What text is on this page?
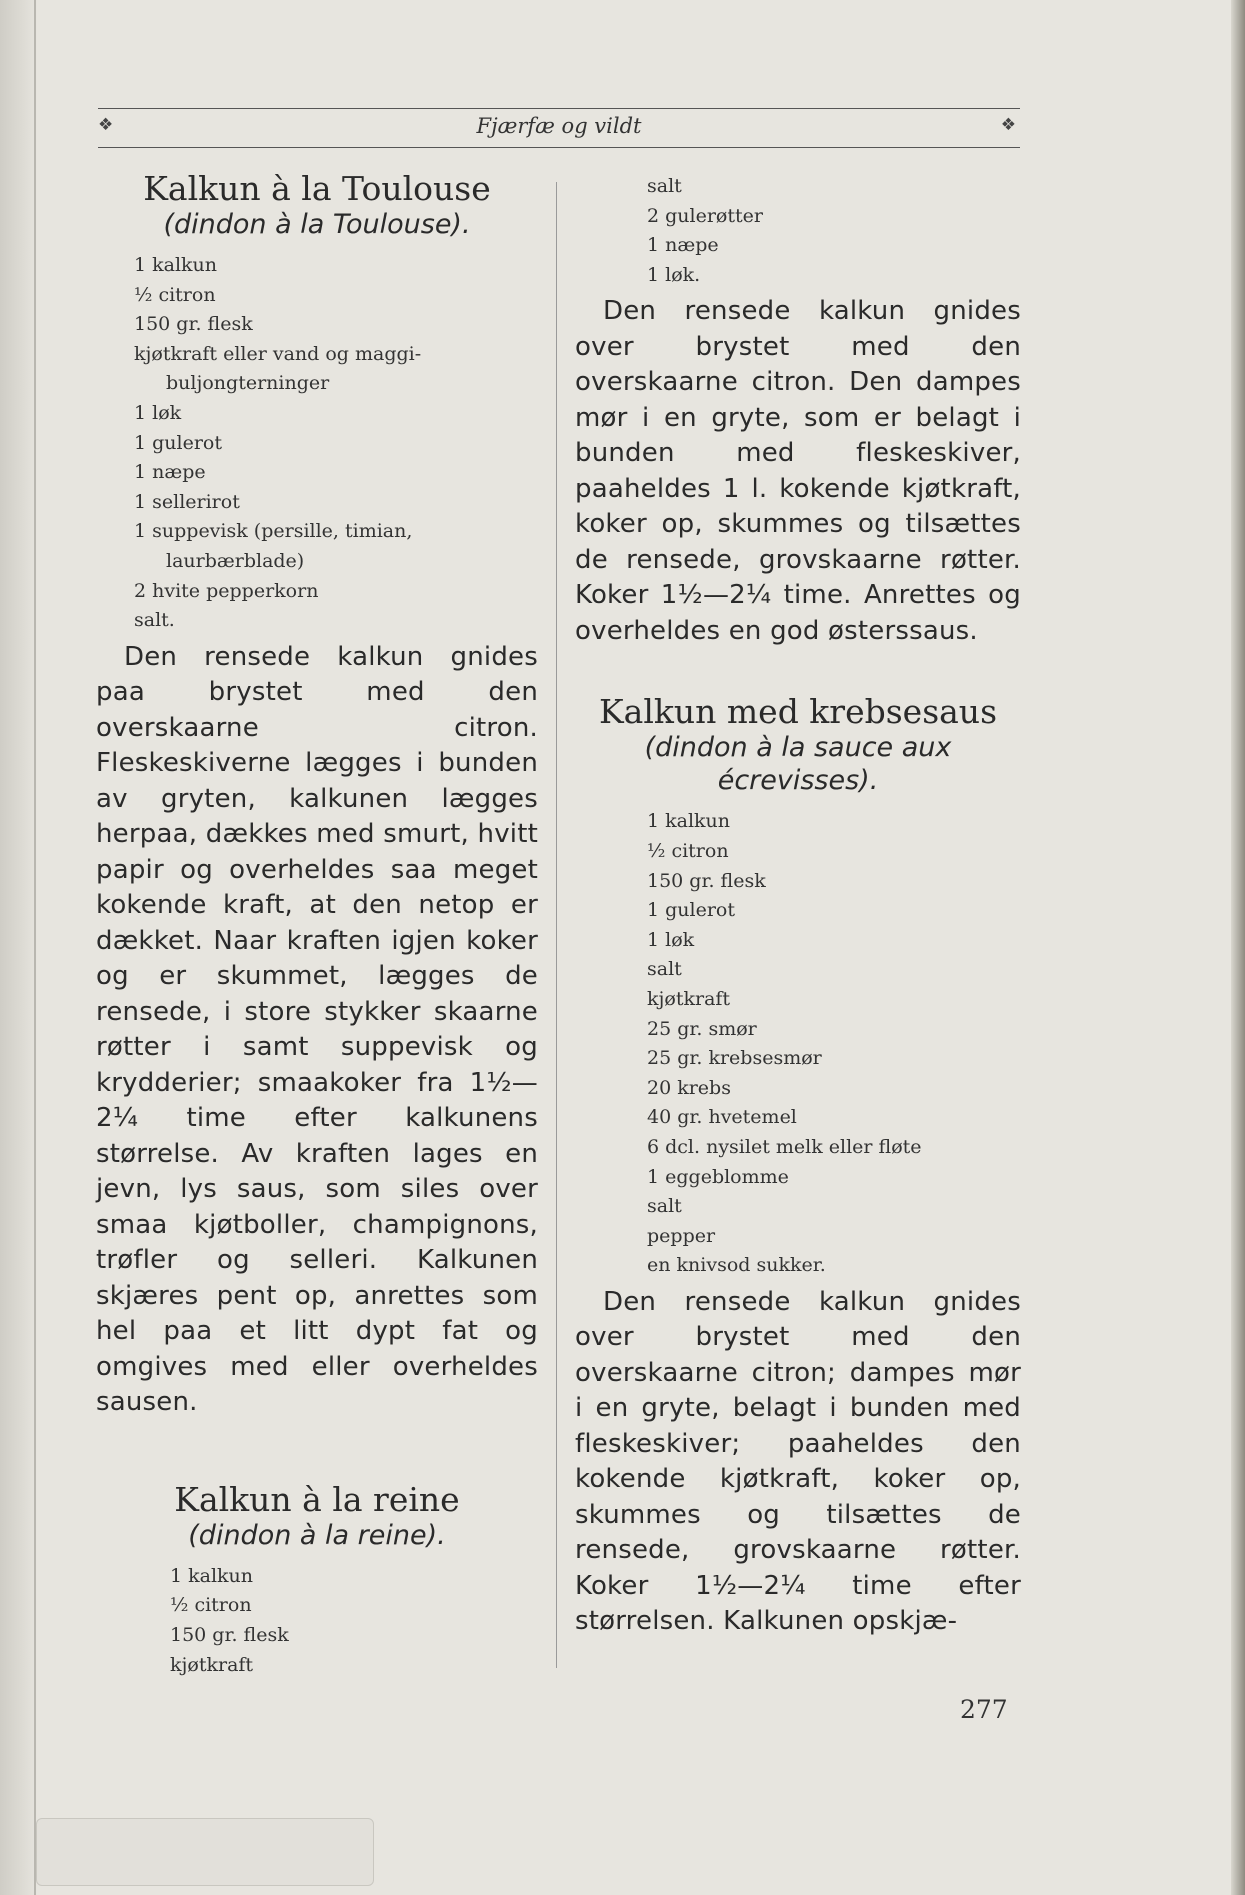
❖	Fjærfæ og vildt	❖
Kalkun à la Toulouse
(dindon à la Toulouse).
1 kalkun
½ citron
150 gr. flesk
kjøtkraft eller vand og maggi-
buljongterninger
1 løk
1 gulerot
1 næpe
1 sellerirot
1 suppevisk (persille, timian,
laurbærblade)
2 hvite pepperkorn
salt.

Den rensede kalkun gnides paa brystet med den overskaarne citron. Fleskeskiverne lægges i bunden av gryten, kalkunen lægges herpaa, dækkes med smurt, hvitt papir og overheldes saa meget kokende kraft, at den netop er dækket. Naar kraften igjen koker og er skummet, lægges de rensede, i store stykker skaarne røtter i samt suppevisk og krydderier; smaakoker fra 1½—2¼ time efter kalkunens størrelse. Av kraften lages en jevn, lys saus, som siles over smaa kjøtboller, champignons, trøfler og selleri. Kalkunen skjæres pent op, anrettes som hel paa et litt dypt fat og omgives med eller overheldes sausen.

Kalkun à la reine
(dindon à la reine).
1 kalkun
½ citron
150 gr. flesk
kjøtkraft
salt
2 gulerøtter
1 næpe
1 løk.

Den rensede kalkun gnides over brystet med den overskaarne citron. Den dampes mør i en gryte, som er belagt i bunden med fleskeskiver, paaheldes 1 l. kokende kjøtkraft, koker op, skummes og tilsættes de rensede, grovskaarne røtter. Koker 1½—2¼ time. Anrettes og overheldes en god østerssaus.

Kalkun med krebsesaus
(dindon à la sauce aux écrevisses).
1 kalkun
½ citron
150 gr. flesk
1 gulerot
1 løk
salt
kjøtkraft
25 gr. smør
25 gr. krebsesmør
20 krebs
40 gr. hvetemel
6 dcl. nysilet melk eller fløte
1 eggeblomme
salt
pepper
en knivsod sukker.

Den rensede kalkun gnides over brystet med den overskaarne citron; dampes mør i en gryte, belagt i bunden med fleskeskiver; paaheldes den kokende kjøtkraft, koker op, skummes og tilsættes de rensede, grovskaarne røtter. Koker 1½—2¼ time efter størrelsen. Kalkunen opskjæ-

277
